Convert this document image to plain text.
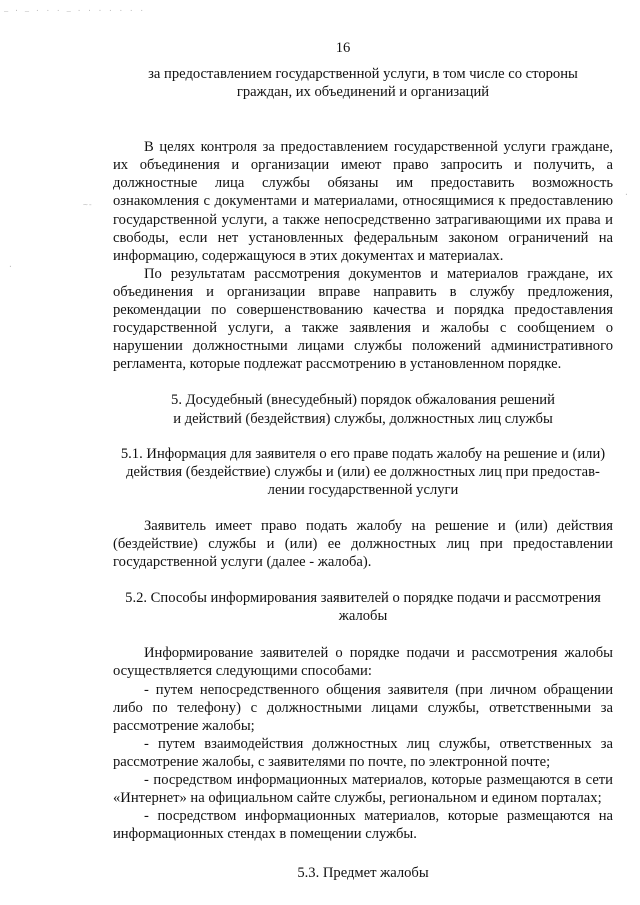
— · — · · · — · · · · · · ·
~-
·
·
16
за предоставлением государственной услуги, в том числе со стороны
граждан, их объединений и организаций

В целях контроля за предоставлением государственной услуги граждане, их объединения и организации имеют право запросить и получить, а должностные лица службы обязаны им предоставить возможность ознакомления с документами и материалами, относящимися к предоставлению государственной услуги, а также непосредственно затрагивающими их права и свободы, если нет установленных федеральным законом ограничений на информацию, содержащуюся в этих документах и материалах.

По результатам рассмотрения документов и материалов граждане, их объединения и организации вправе направить в службу предложения, рекомендации по совершенствованию качества и порядка предоставления государственной услуги, а также заявления и жалобы с сообщением о нарушении должностными лицами службы положений административного регламента, которые подлежат рассмотрению в установленном порядке.

5. Досудебный (внесудебный) порядок обжалования решений
и действий (бездействия) службы, должностных лиц службы
5.1. Информация для заявителя о его праве подать жалобу на решение и (или)
действия (бездействие) службы и (или) ее должностных лиц при предостав-
лении государственной услуги

Заявитель имеет право подать жалобу на решение и (или) действия (бездействие) службы и (или) ее должностных лиц при предоставлении государственной услуги (далее - жалоба).

5.2. Способы информирования заявителей о порядке подачи и рассмотрения
жалобы

Информирование заявителей о порядке подачи и рассмотрения жалобы осуществляется следующими способами:

- путем непосредственного общения заявителя (при личном обращении либо по телефону) с должностными лицами службы, ответственными за рассмотрение жалобы;

- путем взаимодействия должностных лиц службы, ответственных за рассмотрение жалобы, с заявителями по почте, по электронной почте;

- посредством информационных материалов, которые размещаются в сети «Интернет» на официальном сайте службы, региональном и едином порталах;

- посредством информационных материалов, которые размещаются на информационных стендах в помещении службы.

5.3. Предмет жалобы
